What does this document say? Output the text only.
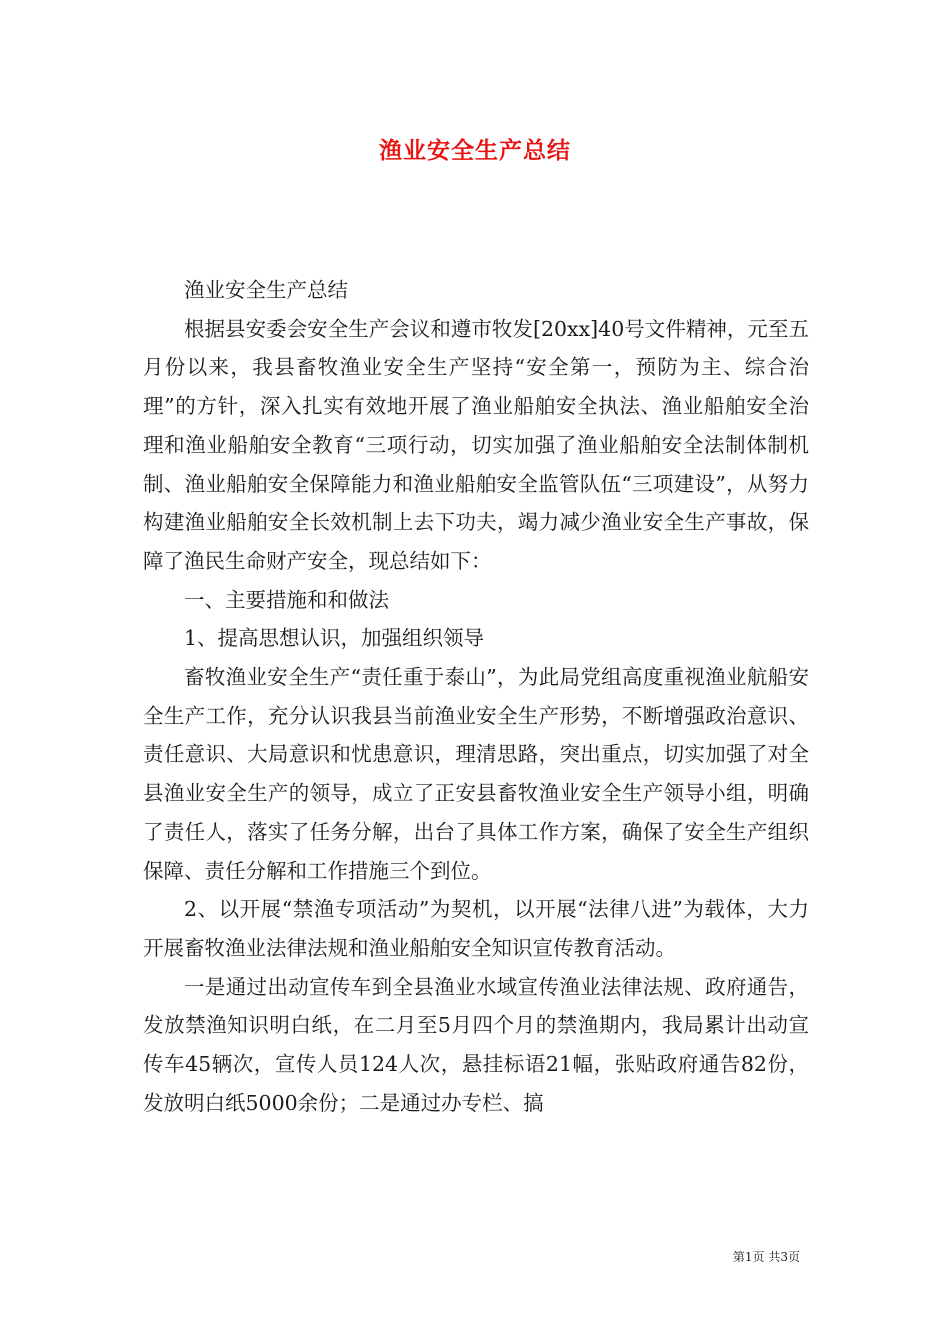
渔业安全生产总结

渔业安全生产总结

根据县安委会安全生产会议和遵市牧发[20xx]40号文件精神，元至五月份以来，我县畜牧渔业安全生产坚持“安全第一，预防为主、综合治理”的方针，深入扎实有效地开展了渔业船舶安全执法、渔业船舶安全治理和渔业船舶安全教育“三项行动，切实加强了渔业船舶安全法制体制机制、渔业船舶安全保障能力和渔业船舶安全监管队伍“三项建设”，从努力构建渔业船舶安全长效机制上去下功夫，竭力减少渔业安全生产事故，保障了渔民生命财产安全，现总结如下：

一、主要措施和和做法

1、提高思想认识，加强组织领导

畜牧渔业安全生产“责任重于泰山”，为此局党组高度重视渔业航船安全生产工作，充分认识我县当前渔业安全生产形势，不断增强政治意识、责任意识、大局意识和忧患意识，理清思路，突出重点，切实加强了对全县渔业安全生产的领导，成立了正安县畜牧渔业安全生产领导小组，明确了责任人，落实了任务分解，出台了具体工作方案，确保了安全生产组织保障、责任分解和工作措施三个到位。

2、以开展“禁渔专项活动”为契机，以开展“法律八进”为载体，大力开展畜牧渔业法律法规和渔业船舶安全知识宣传教育活动。

一是通过出动宣传车到全县渔业水域宣传渔业法律法规、政府通告，发放禁渔知识明白纸，在二月至5月四个月的禁渔期内，我局累计出动宣传车45辆次，宣传人员124人次，悬挂标语21幅，张贴政府通告82份，发放明白纸5000余份；二是通过办专栏、搞

第1页 共3页
